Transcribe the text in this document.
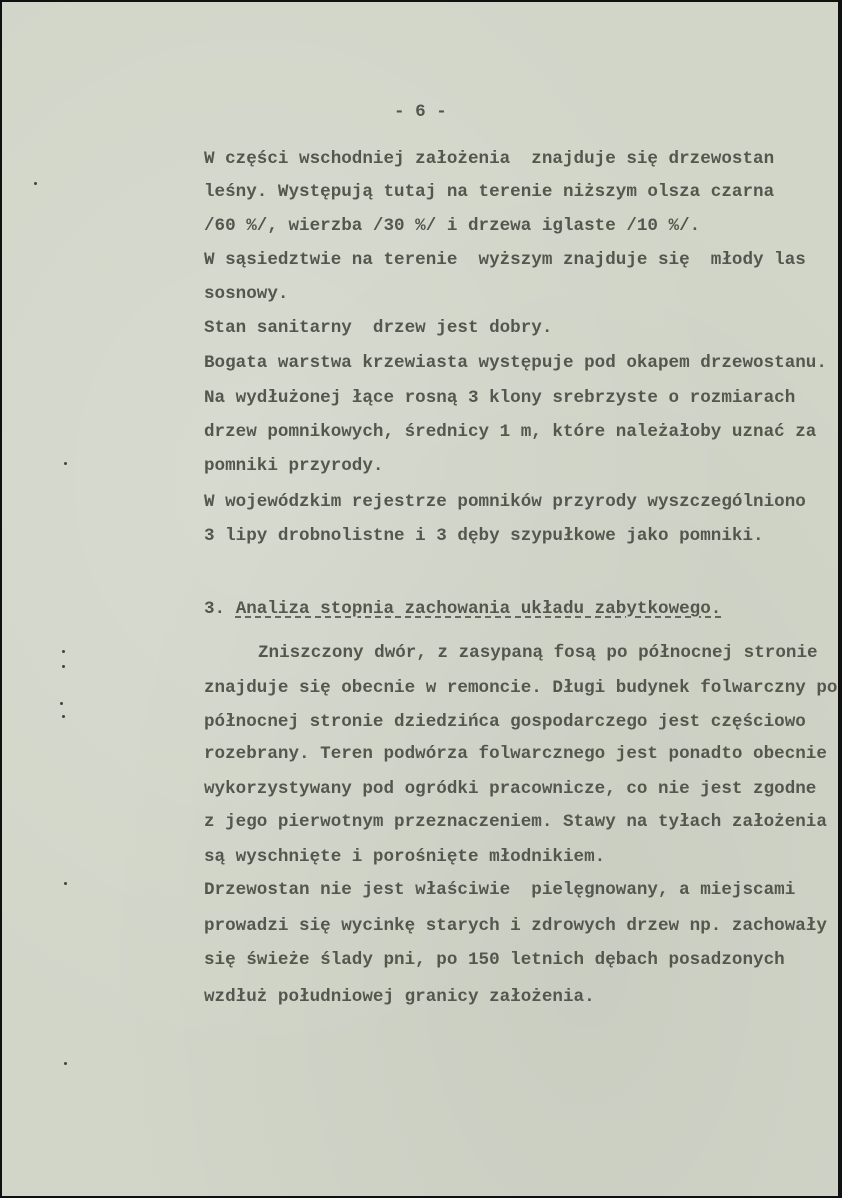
- 6 -
W części wschodniej założenia  znajduje się drzewostan
leśny. Występują tutaj na terenie niższym olsza czarna
/60 %/, wierzba /30 %/ i drzewa iglaste /10 %/.
W sąsiedztwie na terenie  wyższym znajduje się  młody las
sosnowy.
Stan sanitarny  drzew jest dobry.
Bogata warstwa krzewiasta występuje pod okapem drzewostanu.
Na wydłużonej łące rosną 3 klony srebrzyste o rozmiarach
drzew pomnikowych, średnicy 1 m, które należałoby uznać za
pomniki przyrody.
W wojewódzkim rejestrze pomników przyrody wyszczególniono
3 lipy drobnolistne i 3 dęby szypułkowe jako pomniki.
3. Analiza stopnia zachowania układu zabytkowego.
Zniszczony dwór, z zasypaną fosą po północnej stronie
znajduje się obecnie w remoncie. Długi budynek folwarczny po
północnej stronie dziedzińca gospodarczego jest częściowo
rozebrany. Teren podwórza folwarcznego jest ponadto obecnie
wykorzystywany pod ogródki pracownicze, co nie jest zgodne
z jego pierwotnym przeznaczeniem. Stawy na tyłach założenia
są wyschnięte i porośnięte młodnikiem.
Drzewostan nie jest właściwie  pielęgnowany, a miejscami
prowadzi się wycinkę starych i zdrowych drzew np. zachowały
się świeże ślady pni, po 150 letnich dębach posadzonych
wzdłuż południowej granicy założenia.
